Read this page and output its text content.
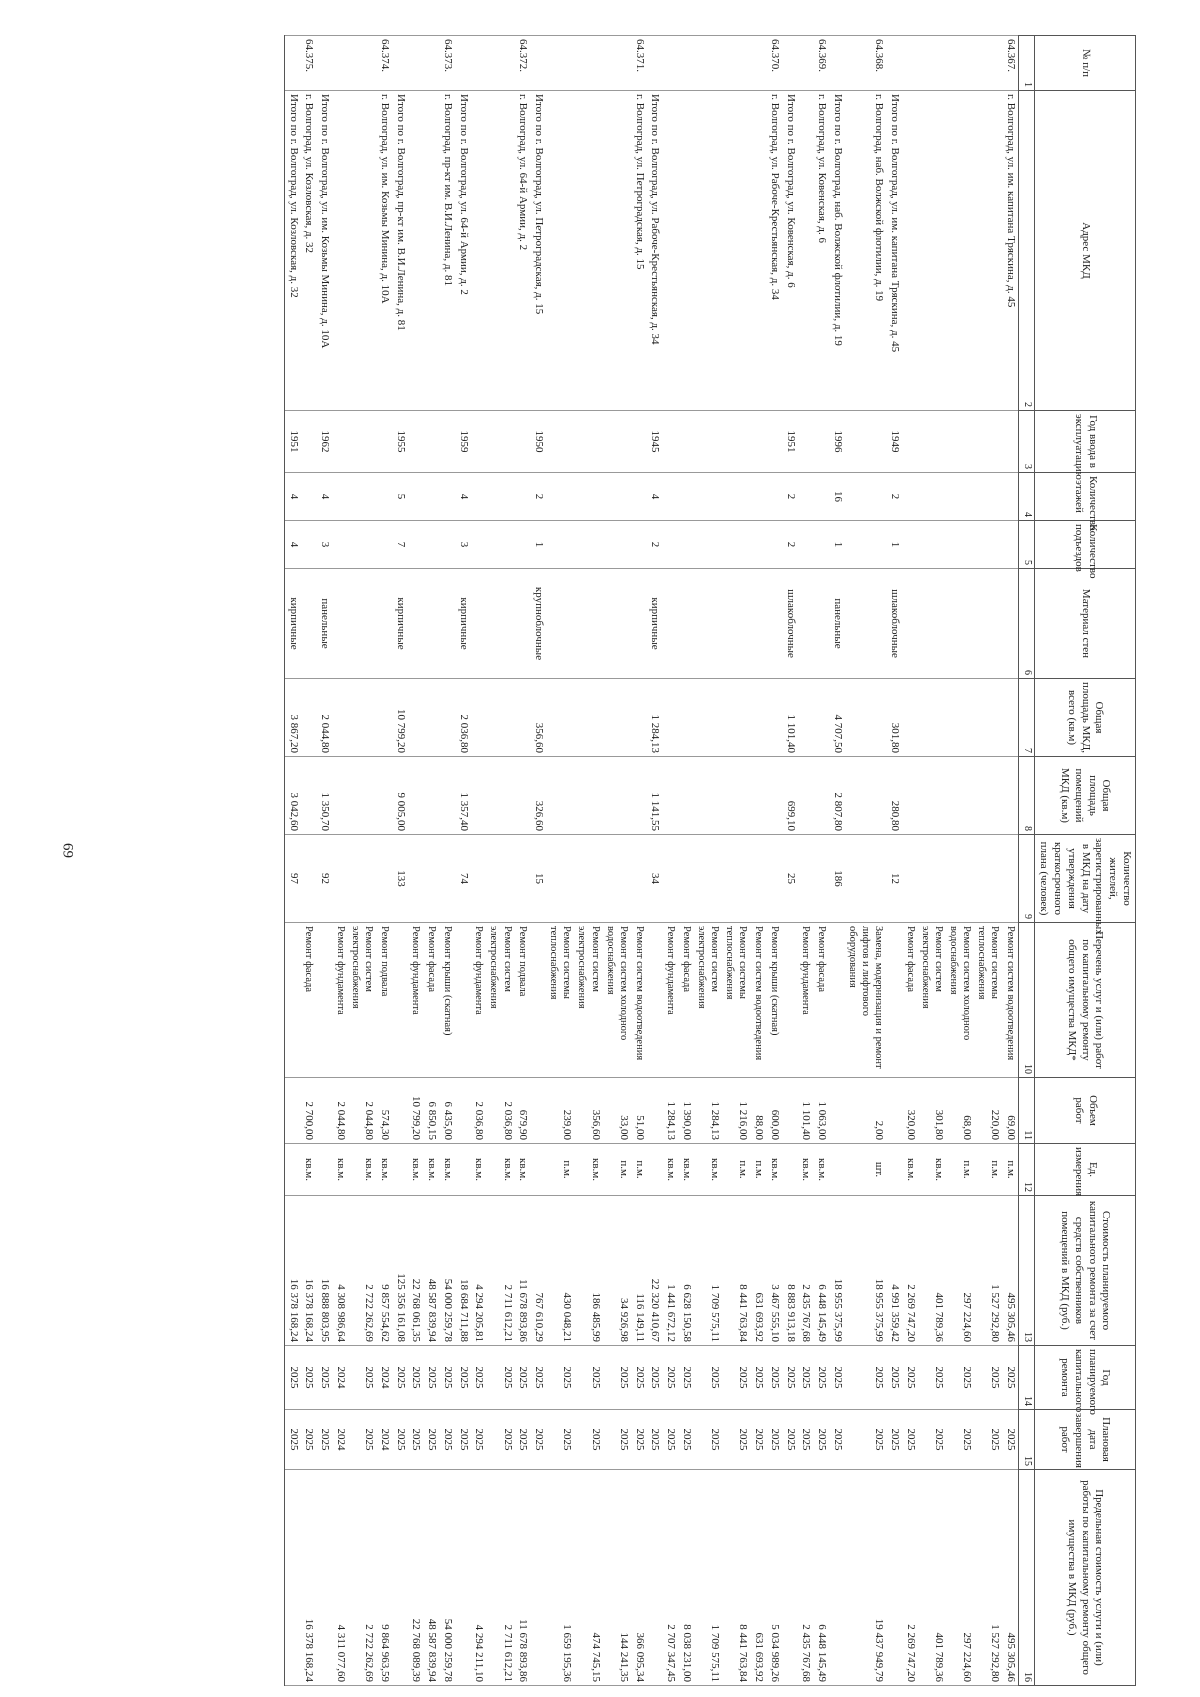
69
№ п/п	Адрес МКД	Год ввода в эксплуатацию	Количество этажей	Количество подъездов	Материал стен	Общая площадь МКД, всего (кв.м)	Общая площадь помещений МКД (кв.м)	Количество жителей, зарегистрированных в МКД на дату утверждения краткосрочного плана (человек)	Перечень услуг и (или) работ по капитальному ремонту общего имущества МКД*	Объем работ	Ед. измерения	Стоимость планируемого капитального ремонта за счет средств собственников помещений в МКД (руб.)	Год планируемого капитального ремонта	Плановая дата завершения работ	Предельная стоимость услуги и (или) работы по капитальному ремонту общего имущества в МКД (руб.)
1	2	3	4	5	6	7	8	9	10	11	12	13	14	15	16
64.367.	г. Волгоград, ул. им. капитана Тряскина, д. 45								Ремонт систем водоотведения	69,00	п.м.	495 305,46	2025	2025	495 305,46
									Ремонт системы теплоснабжения	220,00	п.м.	1 527 292,80	2025	2025	1 527 292,80
									Ремонт систем холодного водоснабжения	68,00	п.м.	297 224,60	2025	2025	297 224,60
									Ремонт систем электроснабжения	301,80	кв.м.	401 789,36	2025	2025	401 789,36
									Ремонт фасада	320,00	кв.м.	2 269 747,20	2025	2025	2 269 747,20
	Итого по г. Волгоград, ул. им. капитана Тряскина, д. 45	1949	2	1	шлакоблочные	301,80	280,80	12				4 991 359,42	2025	2025	
64.368.	г. Волгоград, наб. Волжской флотилии, д. 19								Замена, модернизация и ремонт лифтов и лифтового оборудования	2,00	шт.	18 955 375,99	2025	2025	19 437 949,79
	Итого по г. Волгоград, наб. Волжской флотилии, д. 19	1996	16	1	панельные	4 707,50	2 807,80	186				18 955 375,99	2025	2025	
64.369.	г. Волгоград, ул. Ковенская, д. 6								Ремонт фасада	1 063,00	кв.м.	6 448 145,49	2025	2025	6 448 145,49
									Ремонт фундамента	1 101,40	кв.м.	2 435 767,68	2025	2025	2 435 767,68
	Итого по г. Волгоград, ул. Ковенская, д. 6	1951	2	2	шлакоблочные	1 101,40	699,10	25				8 883 913,18	2025	2025	
64.370.	г. Волгоград, ул. Рабоче-Крестьянская, д. 34								Ремонт крыши (скатная)	600,00	кв.м.	3 467 555,10	2025	2025	5 034 989,26
									Ремонт систем водоотведения	88,00	п.м.	631 693,92	2025	2025	631 693,92
									Ремонт системы теплоснабжения	1 216,00	п.м.	8 441 763,84	2025	2025	8 441 763,84
									Ремонт систем электроснабжения	1 284,13	кв.м.	1 709 575,11	2025	2025	1 709 575,11
									Ремонт фасада	1 390,00	кв.м.	6 628 150,58	2025	2025	8 038 231,00
									Ремонт фундамента	1 284,13	кв.м.	1 441 672,12	2025	2025	2 707 347,45
	Итого по г. Волгоград, ул. Рабоче-Крестьянская, д. 34	1945	4	2	кирпичные	1 284,13	1 141,55	34				22 320 410,67	2025	2025	
64.371.	г. Волгоград, ул. Петроградская, д. 15								Ремонт систем водоотведения	51,00	п.м.	116 149,11	2025	2025	366 095,34
									Ремонт систем холодного водоснабжения	33,00	п.м.	34 926,98	2025	2025	144 241,35
									Ремонт систем электроснабжения	356,60	кв.м.	186 485,99	2025	2025	474 745,15
									Ремонт системы теплоснабжения	239,00	п.м.	430 048,21	2025	2025	1 659 195,36
	Итого по г. Волгоград, ул. Петроградская, д. 15	1950	2	1	крупноблочные	356,60	326,60	15				767 610,29	2025	2025	
64.372.	г. Волгоград, ул. 64-й Армии, д. 2								Ремонт подвала	679,90	кв.м.	11 678 893,86	2025	2025	11 678 893,86
									Ремонт систем электроснабжения	2 036,80	кв.м.	2 711 612,21	2025	2025	2 711 612,21
									Ремонт фундамента	2 036,80	кв.м.	4 294 205,81	2025	2025	4 294 211,10
	Итого по г. Волгоград, ул. 64-й Армии, д. 2	1959	4	3	кирпичные	2 036,80	1 357,40	74				18 684 711,88	2025	2025	
64.373.	г. Волгоград, пр-кт им. В.И.Ленина, д. 81								Ремонт крыши (скатная)	6 435,00	кв.м.	54 000 259,78	2025	2025	54 000 259,78
									Ремонт фасада	6 850,15	кв.м.	48 587 839,94	2025	2025	48 587 839,94
									Ремонт фундамента	10 799,20	кв.м.	22 768 061,35	2025	2025	22 768 089,39
	Итого по г. Волгоград, пр-кт им. В.И.Ленина, д. 81	1955	5	7	кирпичные	10 799,20	9 005,00	133				125 356 161,08	2025	2025	
64.374.	г. Волгоград, ул. им. Козьмы Минина, д. 10А								Ремонт подвала	574,30	кв.м.	9 857 554,62	2024	2024	9 864 963,59
									Ремонт систем электроснабжения	2 044,80	кв.м.	2 722 262,69	2025	2025	2 722 262,69
									Ремонт фундамента	2 044,80	кв.м.	4 308 986,64	2024	2024	4 311 077,60
	Итого по г. Волгоград, ул. им. Козьмы Минина, д. 10А	1962	4	3	панельные	2 044,80	1 350,70	92				16 888 803,95	2025	2025	
64.375.	г. Волгоград, ул. Козловская, д. 32								Ремонт фасада	2 700,00	кв.м.	16 378 168,24	2025	2025	16 378 168,24
	Итого по г. Волгоград, ул. Козловская, д. 32	1951	4	4	кирпичные	3 867,20	3 042,60	97				16 378 168,24	2025	2025	
